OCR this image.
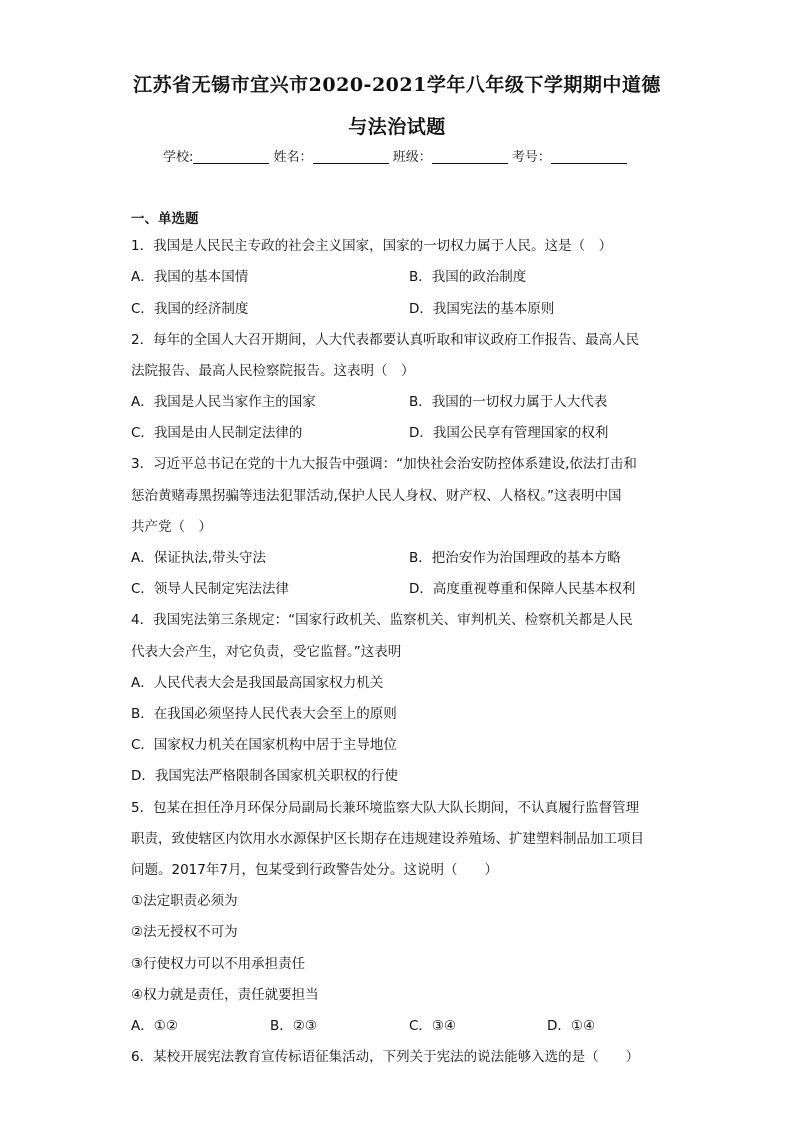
江苏省无锡市宜兴市2020-2021学年八年级下学期期中道德
与法治试题
学校:	姓名：	班级：	考号：
一、单选题
1．我国是人民民主专政的社会主义国家，国家的一切权力属于人民。这是（　）
A．我国的基本国情	B．我国的政治制度
C．我国的经济制度	D．我国宪法的基本原则
2．每年的全国人大召开期间，人大代表都要认真听取和审议政府工作报告、最高人民
法院报告、最高人民检察院报告。这表明（　）
A．我国是人民当家作主的国家	B．我国的一切权力属于人大代表
C．我国是由人民制定法律的	D．我国公民享有管理国家的权利
3．习近平总书记在党的十九大报告中强调：“加快社会治安防控体系建设,依法打击和
惩治黄赌毒黑拐骗等违法犯罪活动,保护人民人身权、财产权、人格权。”这表明中国
共产党（　）
A．保证执法,带头守法	B．把治安作为治国理政的基本方略
C．领导人民制定宪法法律	D．高度重视尊重和保障人民基本权利
4．我国宪法第三条规定：“国家行政机关、监察机关、审判机关、检察机关都是人民
代表大会产生，对它负责，受它监督。”这表明
A．人民代表大会是我国最高国家权力机关
B．在我国必须坚持人民代表大会至上的原则
C．国家权力机关在国家机构中居于主导地位
D．我国宪法严格限制各国家机关职权的行使
5．包某在担任净月环保分局副局长兼环境监察大队大队长期间，不认真履行监督管理
职责，致使辖区内饮用水水源保护区长期存在违规建设养殖场、扩建塑料制品加工项目
问题。2017年7月，包某受到行政警告处分。这说明（　　）
①法定职责必须为
②法无授权不可为
③行使权力可以不用承担责任
④权力就是责任，责任就要担当
A．①②	B．②③	C．③④	D．①④
6．某校开展宪法教育宣传标语征集活动，下列关于宪法的说法能够入选的是（　　）
